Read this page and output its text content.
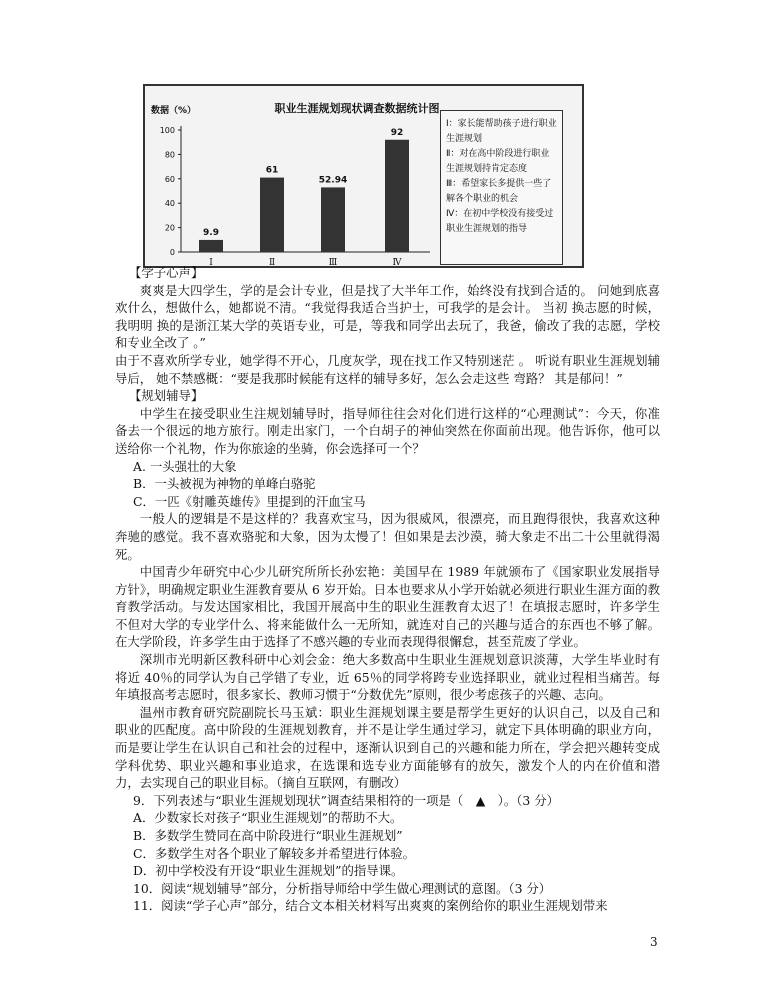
职业生涯规划现状调查数据统计图
数据（%）
0
20
40
60
80
100
9.9
Ⅰ
61
Ⅱ
52.94
Ⅲ
92
Ⅳ

Ⅰ：家长能帮助孩子进行职业生涯规划

Ⅱ：对在高中阶段进行职业生涯规划持肯定态度

Ⅲ：希望家长多提供一些了解各个职业的机会

Ⅳ：在初中学校没有接受过职业生涯规划的指导

【学子心声】

爽爽是大四学生，学的是会计专业，但是找了大半年工作，始终没有找到合适的。 问她到底喜欢什么，想做什么，她都说不清。“我觉得我适合当护士，可我学的是会计。 当初 换志愿的时候，我明明 换的是浙江某大学的英语专业，可是，等我和同学出去玩了，我爸，偷改了我的志愿，学校和专业全改了 。”

由于不喜欢所学专业，她学得不开心，几度灰学，现在找工作又特别迷茫 。 听说有职业生涯规划辅导后， 她不禁感概：“要是我那时候能有这样的辅导多好，怎么会走这些 弯路？ 其是郁问！”

【规划辅导】

中学生在接受职业生注规划辅导时，指导师往往会对化们进行这样的“心理测试”：今天，你准备去一个很远的地方旅行。刚走出家门，一个白胡子的神仙突然在你面前出现。他告诉你，他可以送给你一个礼物，作为你旅途的坐骑，你会选择可一个？

A. 一头强壮的大象

B．一头被视为神物的单峰白骆驼

C．一匹《射雕英雄传》里提到的汗血宝马

一般人的逻辑是不是这样的？我喜欢宝马，因为很威风，很漂亮，而且跑得很快，我喜欢这种奔驰的感觉。我不喜欢骆驼和大象，因为太慢了！但如果是去沙漠，骑大象走不出二十公里就得渴死。

中国青少年研究中心少儿研究所所长孙宏艳：美国早在 1989 年就颁布了《国家职业发展指导方针》，明确规定职业生涯教育要从 6 岁开始。日本也要求从小学开始就必须进行职业生涯方面的教育教学活动。与发达国家相比，我国开展高中生的职业生涯教育太迟了！在填报志愿时，许多学生不但对大学的专业学什么、将来能做什么一无所知，就连对自己的兴趣与适合的东西也不够了解。在大学阶段，许多学生由于选择了不感兴趣的专业而表现得很懈怠，甚至荒废了学业。

深圳市光明新区教科研中心刘会金：绝大多数高中生职业生涯规划意识淡薄，大学生毕业时有将近 40％的同学认为自己学错了专业，近 65％的同学将跨专业选择职业，就业过程相当痛苦。每年填报高考志愿时，很多家长、教师习惯于“分数优先”原则，很少考虑孩子的兴趣、志向。

温州市教育研究院副院长马玉斌：职业生涯规划课主要是帮学生更好的认识自己，以及自己和职业的匹配度。高中阶段的生涯规划教育，并不是让学生通过学习，就定下具体明确的职业方向，而是要让学生在认识自己和社会的过程中，逐渐认识到自己的兴趣和能力所在，学会把兴趣转变成学科优势、职业兴趣和事业追求，在选课和选专业方面能够有的放矢，激发个人的内在价值和潜力，去实现自己的职业目标。（摘自互联网，有删改）

9．下列表述与“职业生涯规划现状”调查结果相符的一项是（　▲　）。（3 分）

A．少数家长对孩子“职业生涯规划”的帮助不大。

B．多数学生赞同在高中阶段进行“职业生涯规划”

C．多数学生对各个职业了解较多并希望进行体验。

D．初中学校没有开设“职业生涯规划”的指导课。

10．阅读“规划辅导”部分，分析指导师给中学生做心理测试的意图。（3 分）

11．阅读“学子心声”部分，结合文本相关材料写出爽爽的案例给你的职业生涯规划带来

3
